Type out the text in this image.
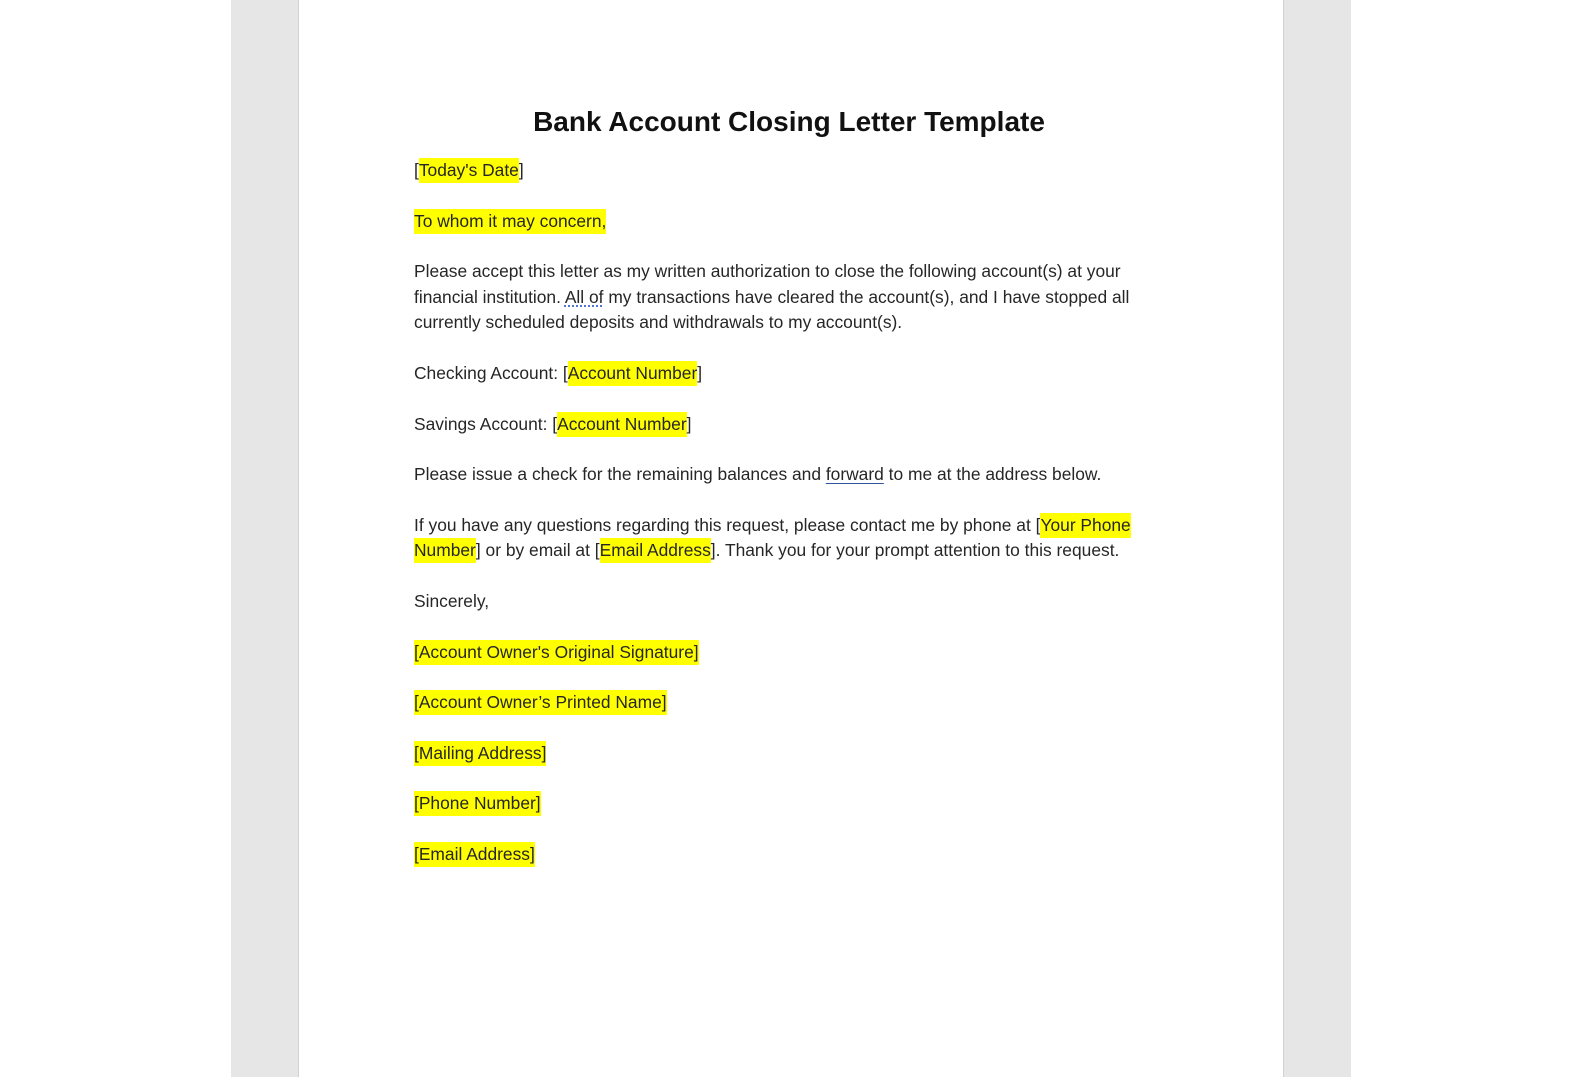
Bank Account Closing Letter Template

[Today's Date]

To whom it may concern,

Please accept this letter as my written authorization to close the following account(s) at your financial institution. All of my transactions have cleared the account(s), and I have stopped all currently scheduled deposits and withdrawals to my account(s).

Checking Account: [Account Number]

Savings Account: [Account Number]

Please issue a check for the remaining balances and forward to me at the address below.

If you have any questions regarding this request, please contact me by phone at [Your Phone Number] or by email at [Email Address]. Thank you for your prompt attention to this request.

Sincerely,

[Account Owner's Original Signature]

[Account Owner’s Printed Name]

[Mailing Address]

[Phone Number]

[Email Address]
